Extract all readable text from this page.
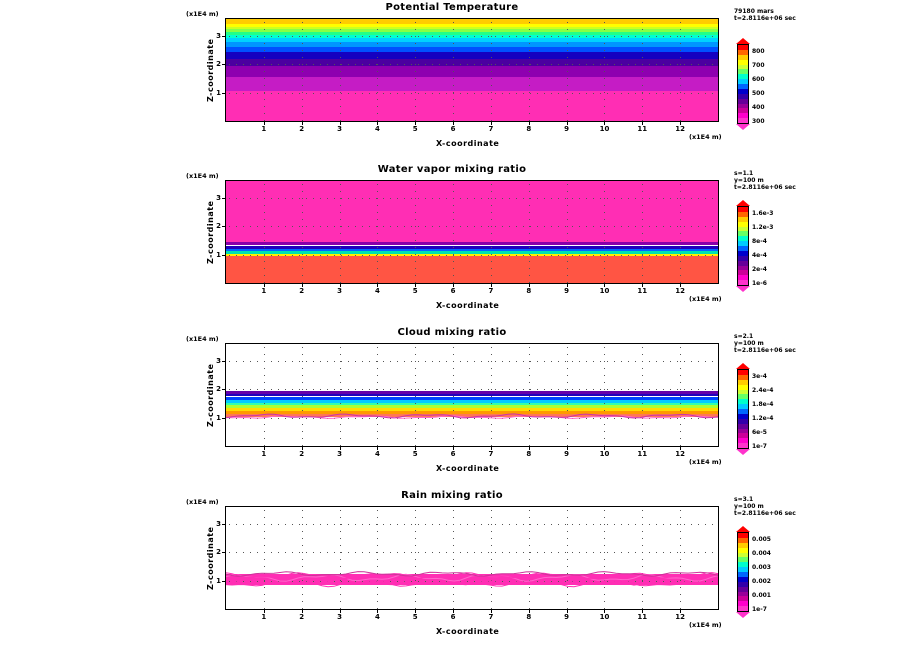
Potential Temperature
(x1E4 m)
1
2
3
1	2	3	4	5	6	7	8	9	10	11	12
Z-coordinate
X-coordinate
(x1E4 m)
79180 mars
t=2.8116e+06 sec
800
700
600
500
400
300
Water vapor mixing ratio
(x1E4 m)
1
2
3
1	2	3	4	5	6	7	8	9	10	11	12
Z-coordinate
X-coordinate
(x1E4 m)
s=1.1
y=100 m
t=2.8116e+06 sec
1.6e-3
1.2e-3
8e-4
4e-4
2e-4
1e-6
Cloud mixing ratio
(x1E4 m)
1
2
3
1	2	3	4	5	6	7	8	9	10	11	12
Z-coordinate
X-coordinate
(x1E4 m)
s=2.1
y=100 m
t=2.8116e+06 sec
3e-4
2.4e-4
1.8e-4
1.2e-4
6e-5
1e-7
Rain mixing ratio
(x1E4 m)
1
2
3
1	2	3	4	5	6	7	8	9	10	11	12
Z-coordinate
X-coordinate
(x1E4 m)
s=3.1
y=100 m
t=2.8116e+06 sec
0.005
0.004
0.003
0.002
0.001
1e-7
